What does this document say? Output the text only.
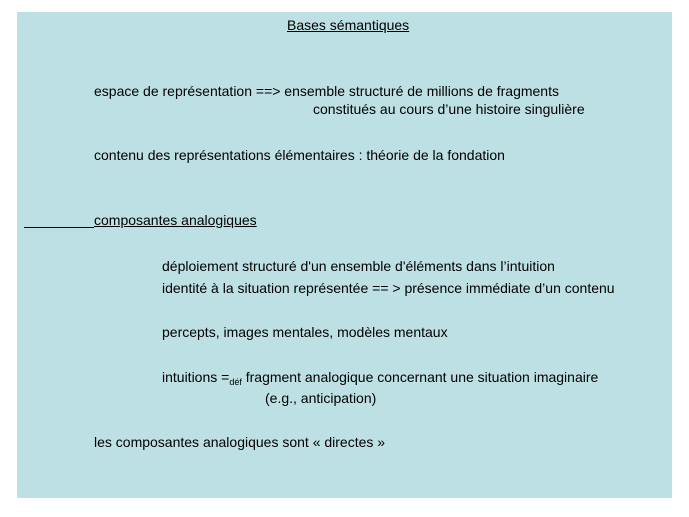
Bases sémantiques
espace de représentation ==> ensemble structuré de millions de fragments
constitués au cours d’une histoire singulière
contenu des représentations élémentaires : théorie de la fondation
composantes analogiques
déploiement structuré d'un ensemble d'éléments dans l’intuition
identité à la situation représentée == > présence immédiate d’un contenu
percepts, images mentales, modèles mentaux
intuitions $=_{déf}$ fragment analogique concernant une situation imaginaire
(e.g., anticipation)
les composantes analogiques sont « directes »
